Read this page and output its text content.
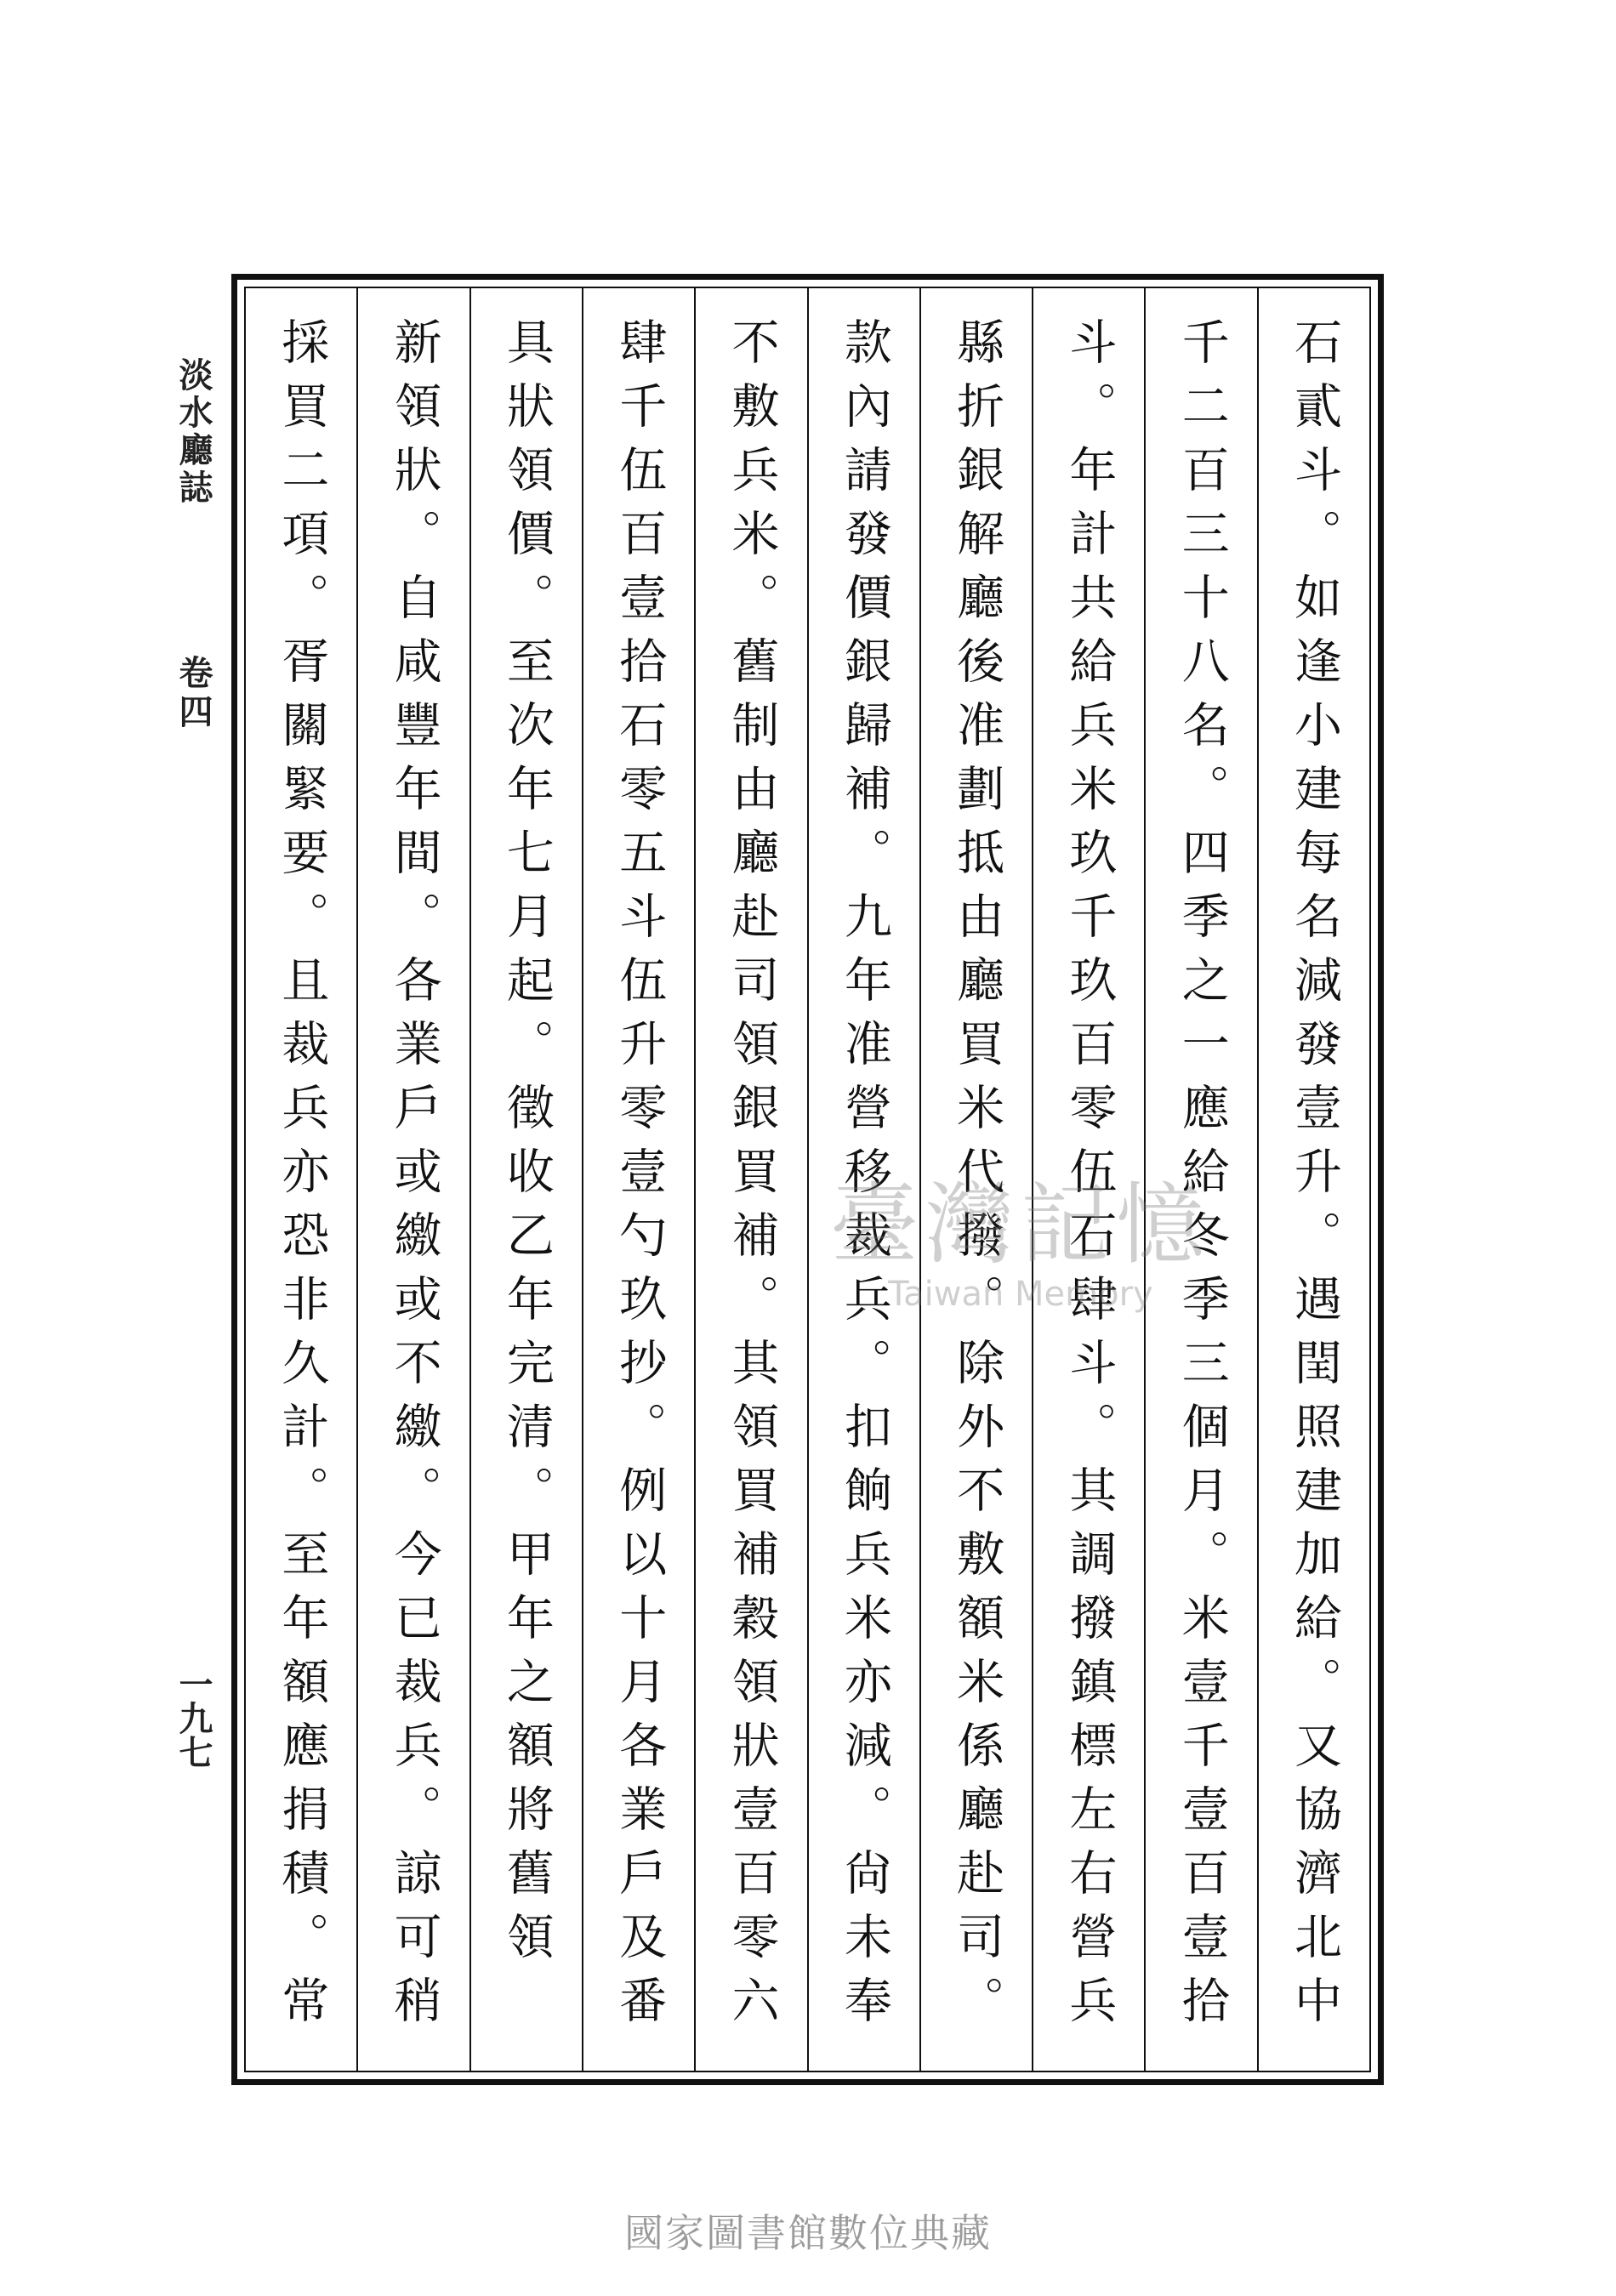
淡水廳誌
卷四
一九七
石貳斗。如逢小建每名減發壹升。遇閏照建加給。又協濟北中
千二百三十八名。四季之一應給冬季三個月。米壹千壹百壹拾
斗。年計共給兵米玖千玖百零伍石肆斗。其調撥鎮標左右營兵
縣折銀解廳後准劃抵由廳買米代撥。除外不敷額米係廳赴司。
款內請發價銀歸補。九年准營移裁兵。扣餉兵米亦減。尙未奉
不敷兵米。舊制由廳赴司領銀買補。其領買補穀領狀壹百零六
肆千伍百壹拾石零五斗伍升零壹勺玖抄。例以十月各業戶及番
具狀領價。至次年七月起。徵收乙年完清。甲年之額將舊領
新領狀。自咸豐年間。各業戶或繳或不繳。今已裁兵。諒可稍
採買二項。胥關緊要。且裁兵亦恐非久計。至年額應捐積。常
臺灣記憶
Taiwan Memory
國家圖書館數位典藏
